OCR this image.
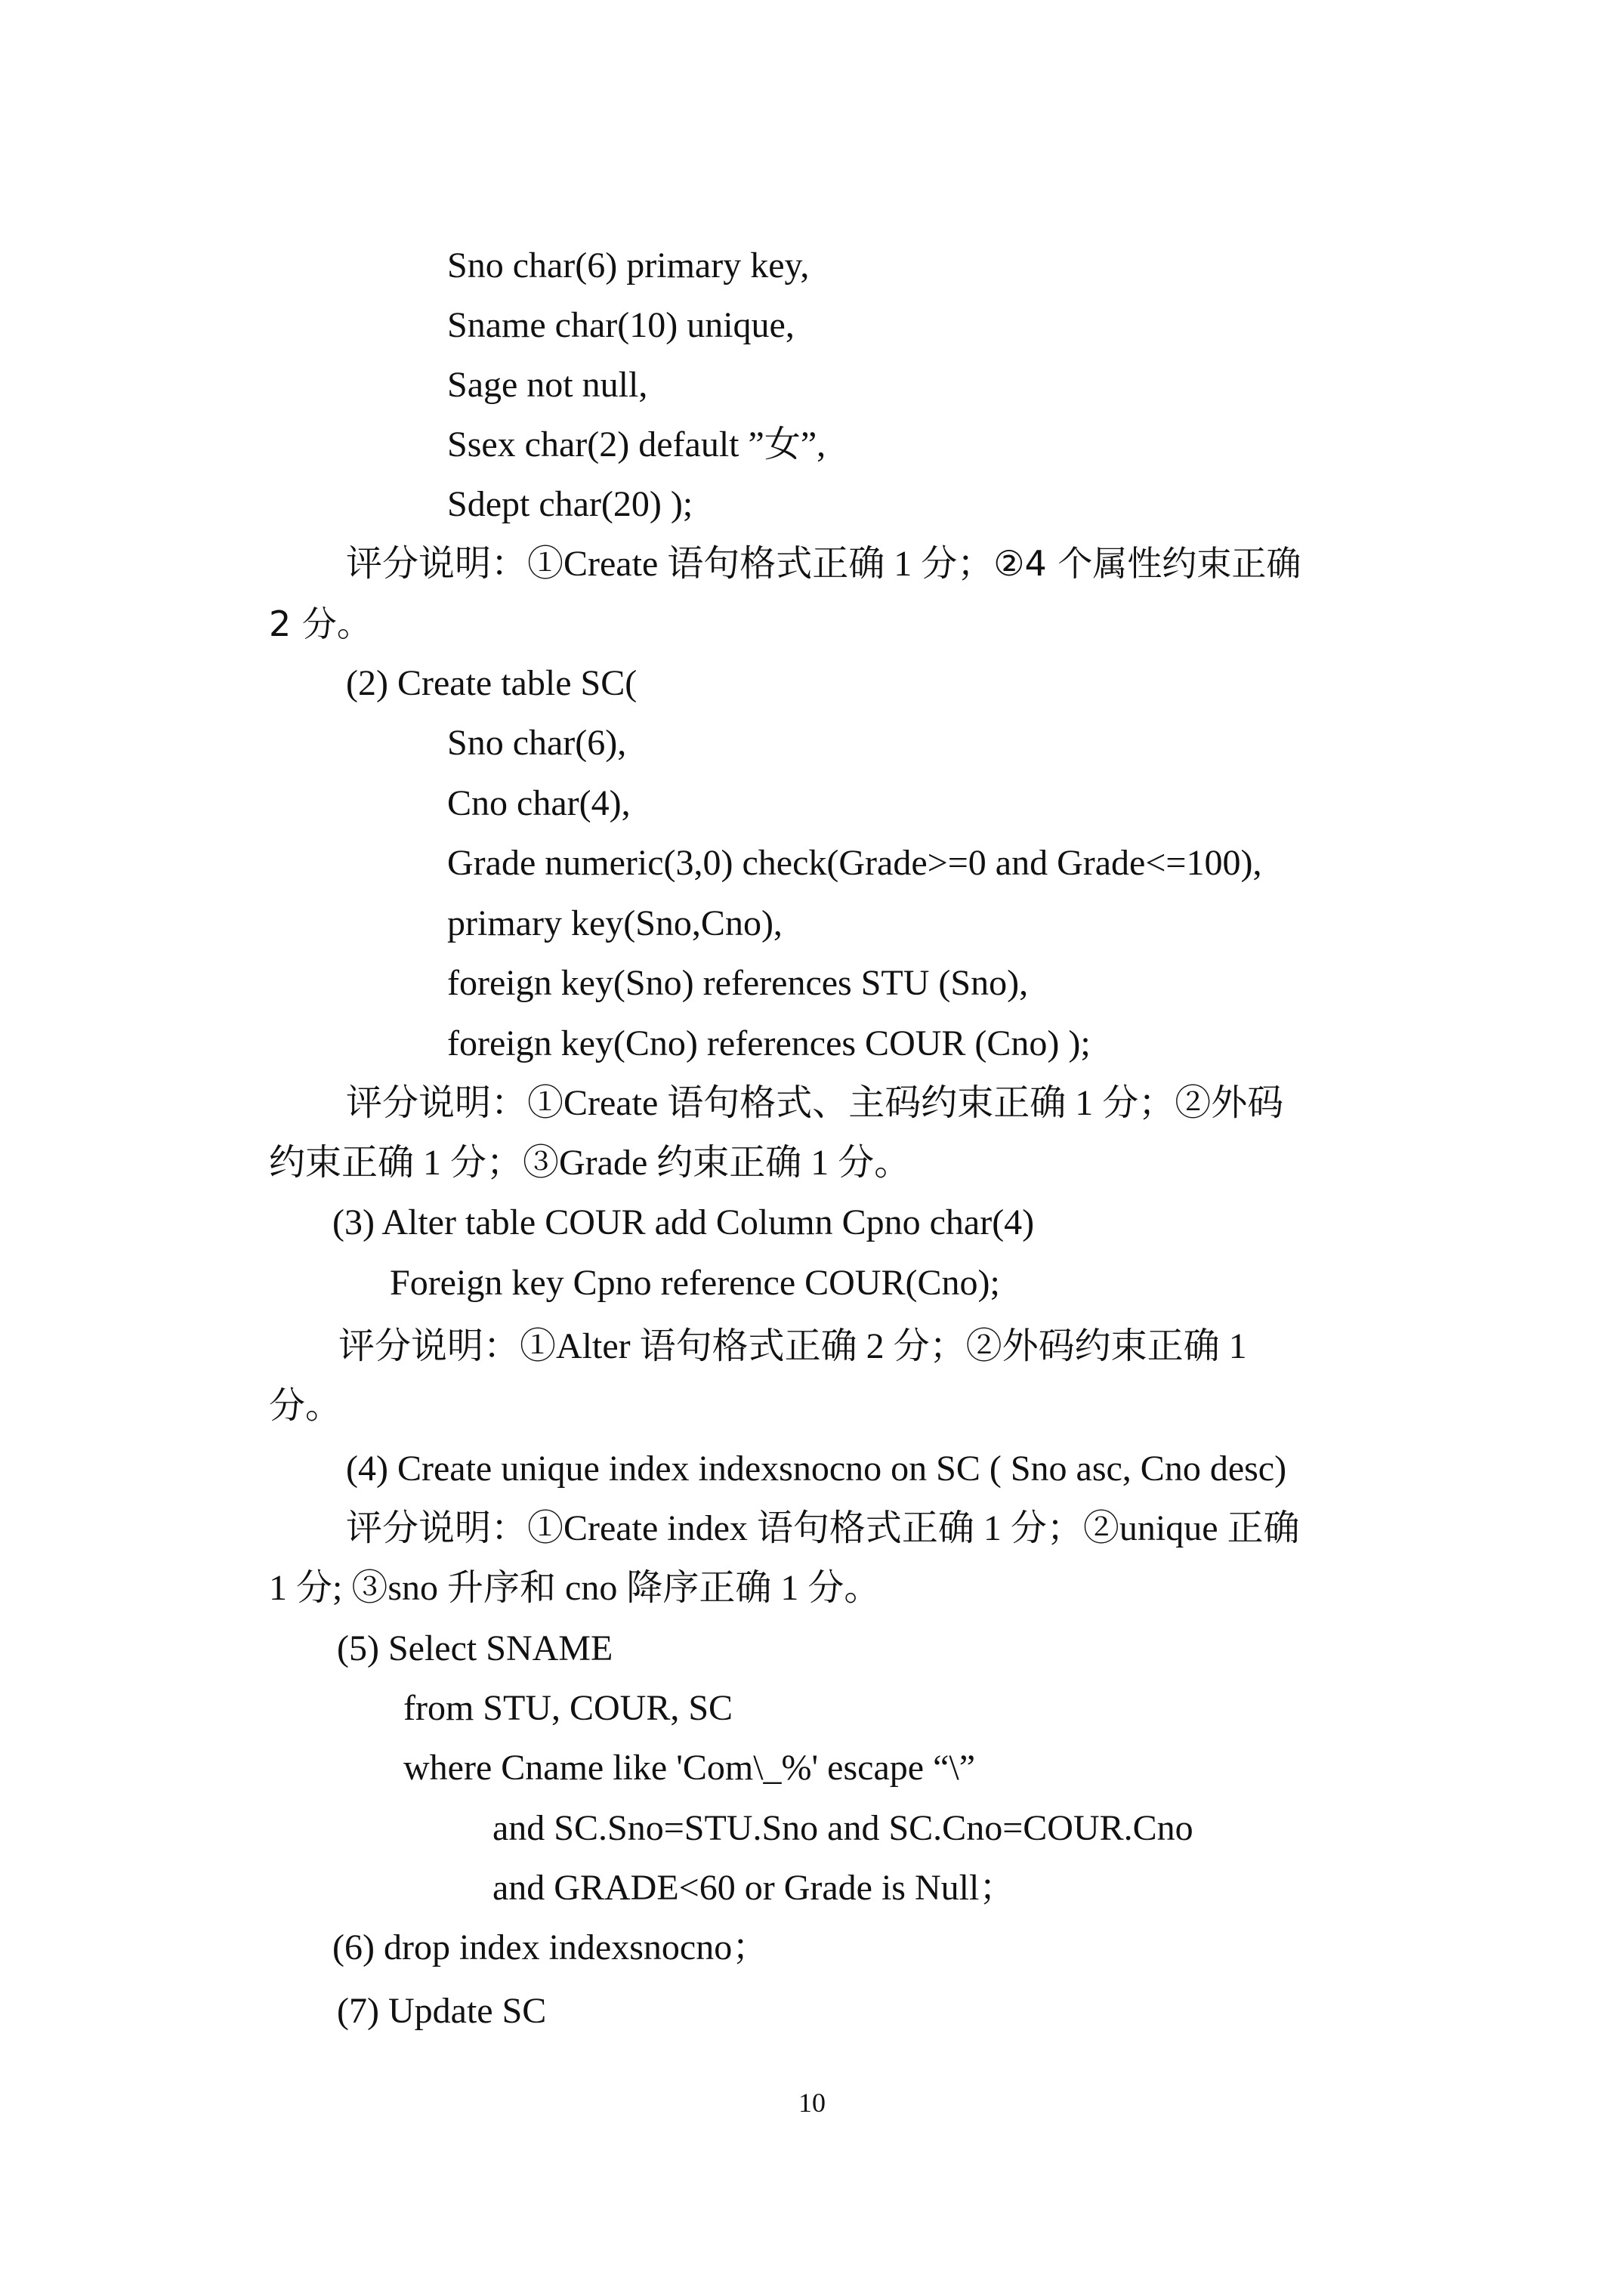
Sno char(6) primary key,
Sname char(10) unique,
Sage not null,
Ssex char(2) default ”女”,
Sdept char(20) );
评分说明：①Create 语句格式正确 1 分；②4 个属性约束正确
2 分。
(2) Create table SC(
Sno char(6),
Cno char(4),
Grade numeric(3,0) check(Grade>=0 and Grade<=100),
primary key(Sno,Cno),
foreign key(Sno) references STU (Sno),
foreign key(Cno) references COUR (Cno) );
评分说明：①Create 语句格式、主码约束正确 1 分；②外码
约束正确 1 分；③Grade 约束正确 1 分。
(3) Alter table COUR add Column Cpno char(4)
Foreign key Cpno reference COUR(Cno);
评分说明：①Alter 语句格式正确 2 分；②外码约束正确 1
分。
(4) Create unique index indexsnocno on SC ( Sno asc, Cno desc)
评分说明：①Create index 语句格式正确 1 分；②unique 正确
1 分; ③sno 升序和 cno 降序正确 1 分。
(5) Select SNAME
from STU, COUR, SC
where Cname like 'Com\_%' escape “\”
and SC.Sno=STU.Sno and SC.Cno=COUR.Cno
and GRADE<60 or Grade is Null；
(6) drop index indexsnocno；
(7) Update SC
10
